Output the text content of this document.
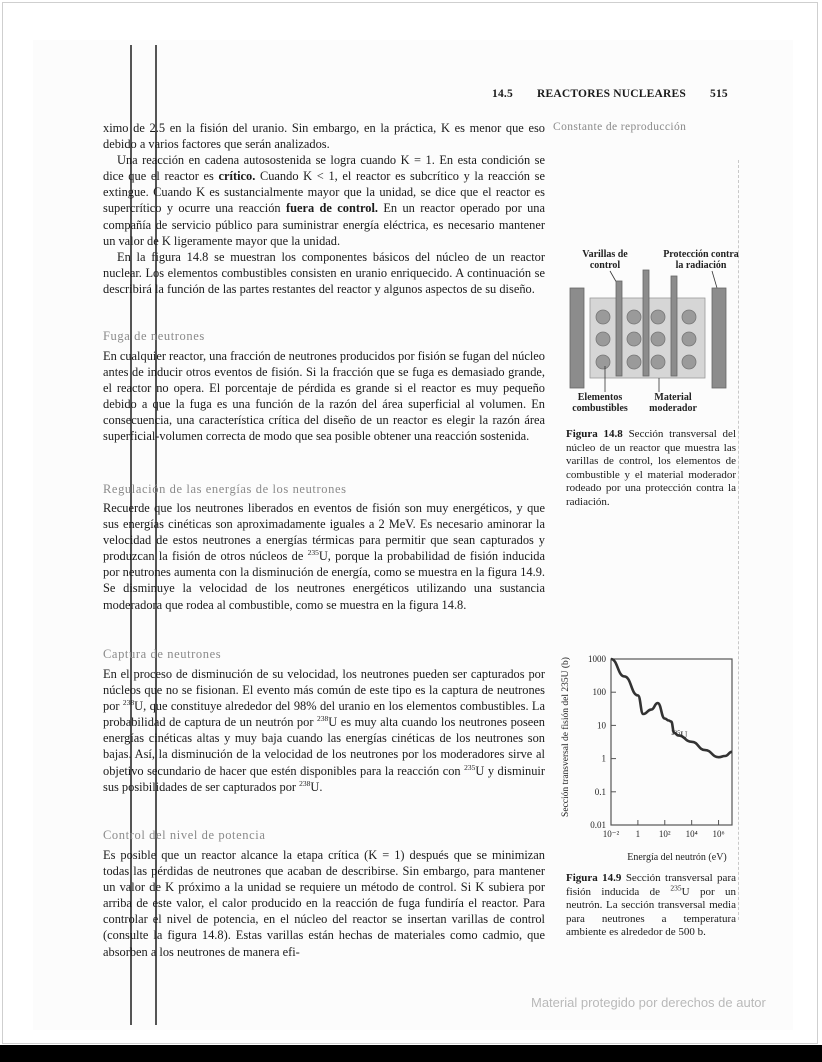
14.5 REACTORES NUCLEARES 515
Constante de reproducción

ximo de 2.5 en la fisión del uranio. Sin embargo, en la práctica, K es menor que eso debido a varios factores que serán analizados.

Una reacción en cadena autosostenida se logra cuando K = 1. En esta condición se dice que el reactor es crítico. Cuando K < 1, el reactor es subcrítico y la reacción se extingue. Cuando K es sustancialmente mayor que la unidad, se dice que el reactor es supercrítico y ocurre una reacción fuera de control. En un reactor operado por una compañía de servicio público para suministrar energía eléctrica, es necesario mantener un valor de K ligeramente mayor que la unidad.

En la figura 14.8 se muestran los componentes básicos del núcleo de un reactor nuclear. Los elementos combustibles consisten en uranio enriquecido. A continuación se describirá la función de las partes restantes del reactor y algunos aspectos de su diseño.

Fuga de neutrones

En cualquier reactor, una fracción de neutrones producidos por fisión se fugan del núcleo antes de inducir otros eventos de fisión. Si la fracción que se fuga es demasiado grande, el reactor no opera. El porcentaje de pérdida es grande si el reactor es muy pequeño debido a que la fuga es una función de la razón del área superficial al volumen. En consecuencia, una característica crítica del diseño de un reactor es elegir la razón área superficial-volumen correcta de modo que sea posible obtener una reacción sostenida.

Regulación de las energías de los neutrones

Recuerde que los neutrones liberados en eventos de fisión son muy energéticos, y que sus energías cinéticas son aproximadamente iguales a 2 MeV. Es necesario aminorar la velocidad de estos neutrones a energías térmicas para permitir que sean capturados y produzcan la fisión de otros núcleos de $^{235}$U, porque la probabilidad de fisión inducida por neutrones aumenta con la disminución de energía, como se muestra en la figura 14.9. Se disminuye la velocidad de los neutrones energéticos utilizando una sustancia moderadora que rodea al combustible, como se muestra en la figura 14.8.

Captura de neutrones

En el proceso de disminución de su velocidad, los neutrones pueden ser capturados por núcleos que no se fisionan. El evento más común de este tipo es la captura de neutrones por $^{238}$U, que constituye alrededor del 98% del uranio en los elementos combustibles. La probabilidad de captura de un neutrón por $^{238}$U es muy alta cuando los neutrones poseen energías cinéticas altas y muy baja cuando las energías cinéticas de los neutrones son bajas. Así, la disminución de la velocidad de los neutrones por los moderadores sirve al objetivo secundario de hacer que estén disponibles para la reacción con $^{235}$U y disminuir sus posibilidades de ser capturados por $^{238}$U.

Control del nivel de potencia

Es posible que un reactor alcance la etapa crítica (K = 1) después que se minimizan todas las pérdidas de neutrones que acaban de describirse. Sin embargo, para mantener un valor de K próximo a la unidad se requiere un método de control. Si K subiera por arriba de este valor, el calor producido en la reacción de fuga fundiría el reactor. Para controlar el nivel de potencia, en el núcleo del reactor se insertan varillas de control (consulte la figura 14.8). Estas varillas están hechas de materiales como cadmio, que absorben a los neutrones de manera efi-

Varillas de
control
Protección contra
la radiación
Elementos
combustibles
Material
moderador
Figura 14.8 Sección transversal del núcleo de un reactor que muestra las varillas de control, los elementos de combustible y el material moderador rodeado por una protección contra la radiación.
Sección transversal de fisión del 235U (b)
Energía del neutrón (eV)
0.01
0.1
1
10
100
1000
10⁻² 1 10² 10⁴ 10⁶
$^{235}$U
Figura 14.9 Sección transversal para fisión inducida de $^{235}$U por un neutrón. La sección transversal media para neutrones a temperatura ambiente es alrededor de 500 b.
Material protegido por derechos de autor
